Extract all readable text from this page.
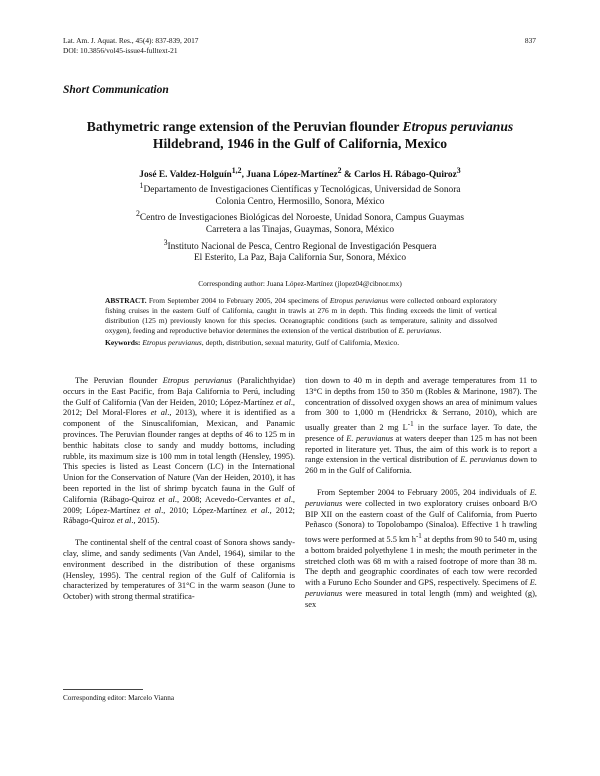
Lat. Am. J. Aquat. Res., 45(4): 837-839, 2017
DOI: 10.3856/vol45-issue4-fulltext-21
837
Short Communication
Bathymetric range extension of the Peruvian flounder Etropus peruvianus
Hildebrand, 1946 in the Gulf of California, Mexico
José E. Valdez-Holguín$^{1,2}$, Juana López-Martínez$^2$ & Carlos H. Rábago-Quiroz$^3$
$^1$Departamento de Investigaciones Científicas y Tecnológicas, Universidad de Sonora
Colonia Centro, Hermosillo, Sonora, México
$^2$Centro de Investigaciones Biológicas del Noroeste, Unidad Sonora, Campus Guaymas
Carretera a las Tinajas, Guaymas, Sonora, México
$^3$Instituto Nacional de Pesca, Centro Regional de Investigación Pesquera
El Esterito, La Paz, Baja California Sur, Sonora, México
Corresponding author: Juana López-Martínez (jlopez04@cibnor.mx)
ABSTRACT. From September 2004 to February 2005, 204 specimens of Etropus peruvianus were collected onboard exploratory fishing cruises in the eastern Gulf of California, caught in trawls at 276 m in depth. This finding exceeds the limit of vertical distribution (125 m) previously known for this species. Oceanographic conditions (such as temperature, salinity and dissolved oxygen), feeding and reproductive behavior determines the extension of the vertical distribution of E. peruvianus.
Keywords: Etropus peruvianus, depth, distribution, sexual maturity, Gulf of California, Mexico.

The Peruvian flounder Etropus peruvianus (Paralichthyidae) occurs in the East Pacific, from Baja California to Perú, including the Gulf of California (Van der Heiden, 2010; López-Martínez et al., 2012; Del Moral-Flores et al., 2013), where it is identified as a component of the Sinuscalifomian, Mexican, and Panamic provinces. The Peruvian flounder ranges at depths of 46 to 125 m in benthic habitats close to sandy and muddy bottoms, including rubble, its maximum size is 100 mm in total length (Hensley, 1995). This species is listed as Least Concern (LC) in the International Union for the Conservation of Nature (Van der Heiden, 2010), it has been reported in the list of shrimp bycatch fauna in the Gulf of California (Rábago-Quiroz et al., 2008; Acevedo-Cervantes et al., 2009; López-Martínez et al., 2010; López-Martínez et al., 2012; Rábago-Quiroz et al., 2015).

The continental shelf of the central coast of Sonora shows sandy-clay, slime, and sandy sediments (Van Andel, 1964), similar to the environment described in the distribution of these organisms (Hensley, 1995). The central region of the Gulf of California is characterized by temperatures of 31°C in the warm season (June to October) with strong thermal stratifica-

tion down to 40 m in depth and average temperatures from 11 to 13°C in depths from 150 to 350 m (Robles & Marinone, 1987). The concentration of dissolved oxygen shows an area of minimum values from 300 to 1,000 m (Hendrickx & Serrano, 2010), which are usually greater than 2 mg $L^{-1}$ in the surface layer. To date, the presence of E. peruvianus at waters deeper than 125 m has not been reported in literature yet. Thus, the aim of this work is to report a range extension in the vertical distribution of E. peruvianus down to 260 m in the Gulf of California.

From September 2004 to February 2005, 204 individuals of E. peruvianus were collected in two exploratory cruises onboard B/O BIP XII on the eastern coast of the Gulf of California, from Puerto Peñasco (Sonora) to Topolobampo (Sinaloa). Effective 1 h trawling tows were performed at 5.5 km $h^{-1}$ at depths from 90 to 540 m, using a bottom braided polyethylene 1 in mesh; the mouth perimeter in the stretched cloth was 68 m with a raised footrope of more than 38 m. The depth and geographic coordinates of each tow were recorded with a Furuno Echo Sounder and GPS, respectively. Specimens of E. peruvianus were measured in total length (mm) and weighted (g), sex

Corresponding editor: Marcelo Vianna
